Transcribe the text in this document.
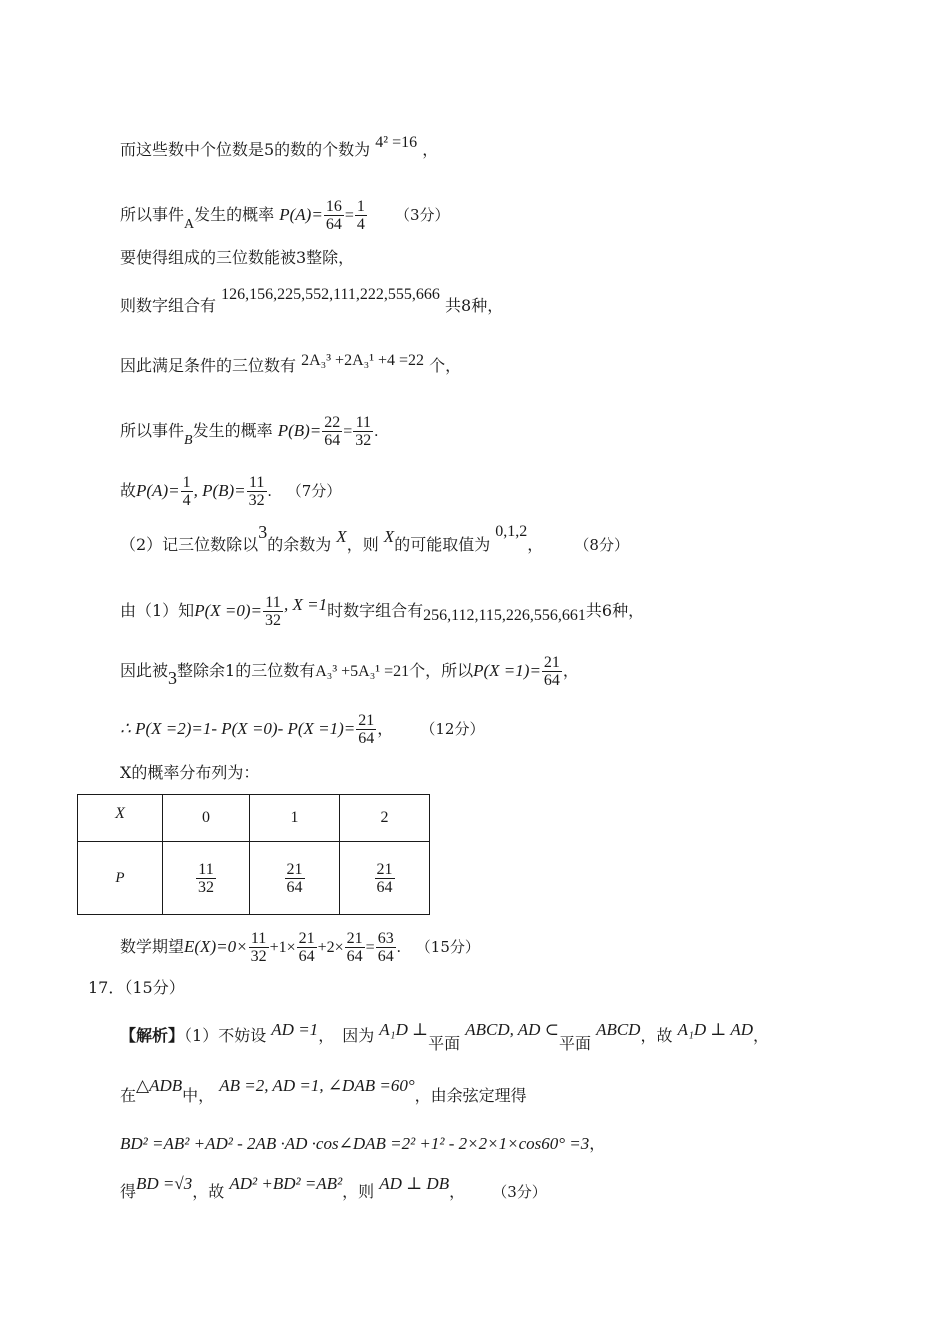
而这些数中个位数是5的数的个数为 4² =16 ，
所以事件A发生的概率 $P(A)= \frac{16}{64} = \frac{1}{4} (3$分）
要使得组成的三位数能被3整除，
则数字组合有 126,156,225,552,111,222,555,666 共8种，
因此满足条件的三位数有 2A₃³ +2A₃¹ +4 =22 个，
所以事件B发生的概率 $P(B)= \frac{22}{64} = \frac{11}{32}$ .
故$P(A)= \frac{1}{4}$ , $P(B)= \frac{11}{32}$ . （7分）
（2）记三位数除以3的余数为 X，则 X的可能取值为 0,1,2， （8分）
由（1）知$P(X =0)= \frac{11}{32}$ , X =1时数字组合有256,112,115,226,556,661共6种，
因此被3整除余1的三位数有A₃³ +5A₃¹ =21个，所以$P(X =1)= \frac{21}{64}$ ，
∴ P(X =2)=1- P(X =0)- $P(X =1)= \frac{21}{64}$ ， （12分）
X的概率分布列为：
X	0	1	2
P	$\frac{11}{32}$	$\frac{21}{64}$	$\frac{21}{64}$
数学期望$E(X)=0\times \frac{11}{32} +1\times \frac{21}{64} +2\times \frac{21}{64} = \frac{63}{64}$ . （15分）
17．（15分）
【解析】（1）不妨设 AD =1，　因为 A₁D ⊥平面 ABCD, AD ⊂平面 ABCD，故 A₁D ⊥ AD，
在△ADB中， AB =2, AD =1, ∠DAB =60°，由余弦定理得
BD² =AB² +AD² - 2AB ·AD ·cos∠DAB =2² +1² - 2×2×1×cos60° =3，
得BD =√3，故 AD² +BD² =AB²，则 AD ⊥ DB， （3分）
